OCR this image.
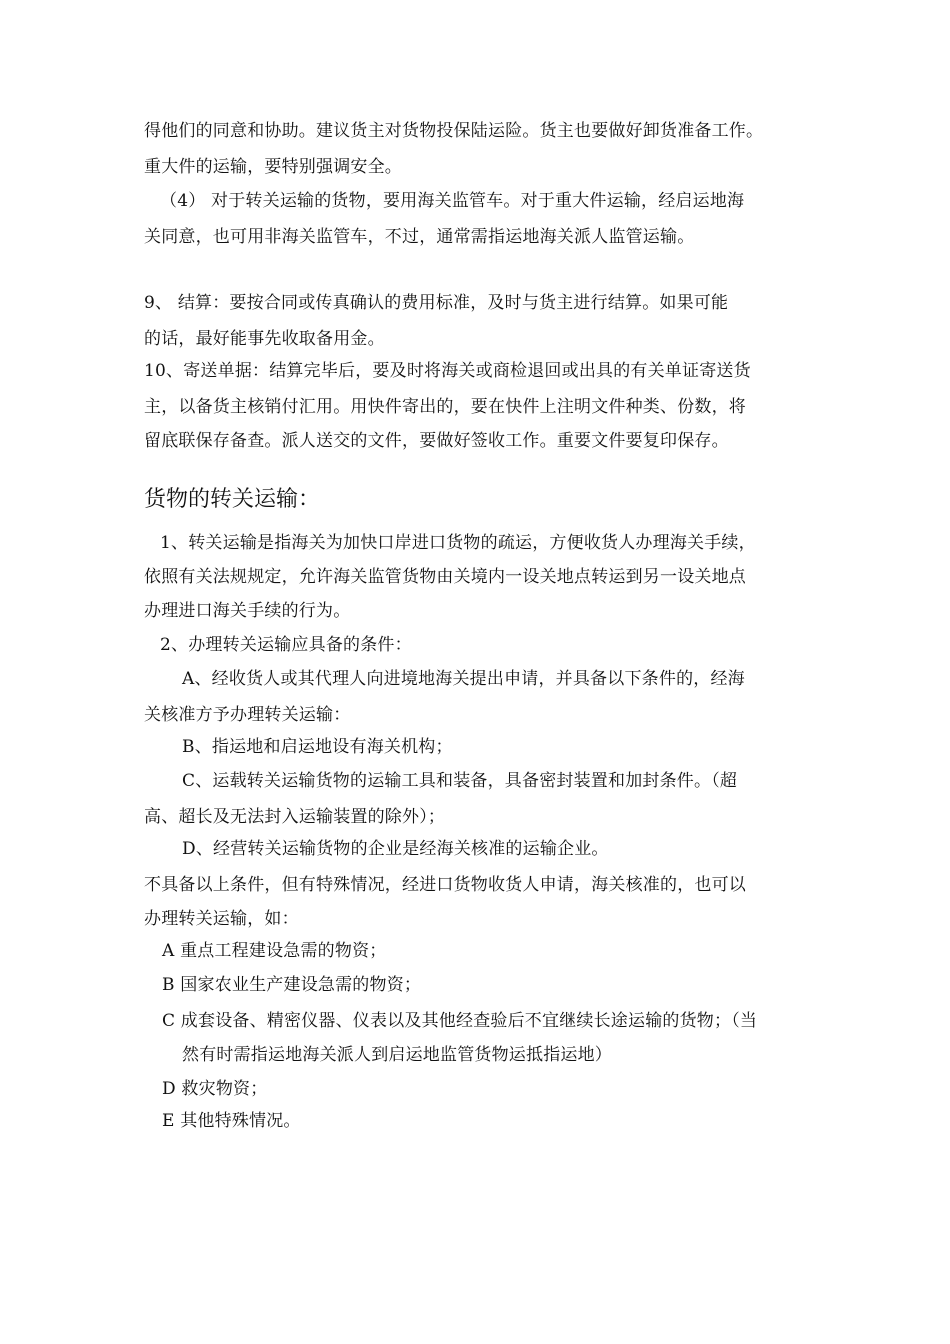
得他们的同意和协助。建议货主对货物投保陆运险。货主也要做好卸货准备工作。
重大件的运输，要特别强调安全。
（4） 对于转关运输的货物，要用海关监管车。对于重大件运输，经启运地海
关同意，也可用非海关监管车，不过，通常需指运地海关派人监管运输。
9、 结算：要按合同或传真确认的费用标准，及时与货主进行结算。如果可能
的话，最好能事先收取备用金。
10、寄送单据：结算完毕后，要及时将海关或商检退回或出具的有关单证寄送货
主，以备货主核销付汇用。用快件寄出的，要在快件上注明文件种类、份数，将
留底联保存备查。派人送交的文件，要做好签收工作。重要文件要复印保存。
货物的转关运输：
1、转关运输是指海关为加快口岸进口货物的疏运，方便收货人办理海关手续，
依照有关法规规定，允许海关监管货物由关境内一设关地点转运到另一设关地点
办理进口海关手续的行为。
2、办理转关运输应具备的条件：
A、经收货人或其代理人向进境地海关提出申请，并具备以下条件的，经海
关核准方予办理转关运输：
B、指运地和启运地设有海关机构；
C、运载转关运输货物的运输工具和装备，具备密封装置和加封条件。（超
高、超长及无法封入运输装置的除外）；
D、经营转关运输货物的企业是经海关核准的运输企业。
不具备以上条件，但有特殊情况，经进口货物收货人申请，海关核准的，也可以
办理转关运输，如：
A 重点工程建设急需的物资；
B 国家农业生产建设急需的物资；
C 成套设备、精密仪器、仪表以及其他经查验后不宜继续长途运输的货物；（当
然有时需指运地海关派人到启运地监管货物运抵指运地）
D 救灾物资；
E 其他特殊情况。
